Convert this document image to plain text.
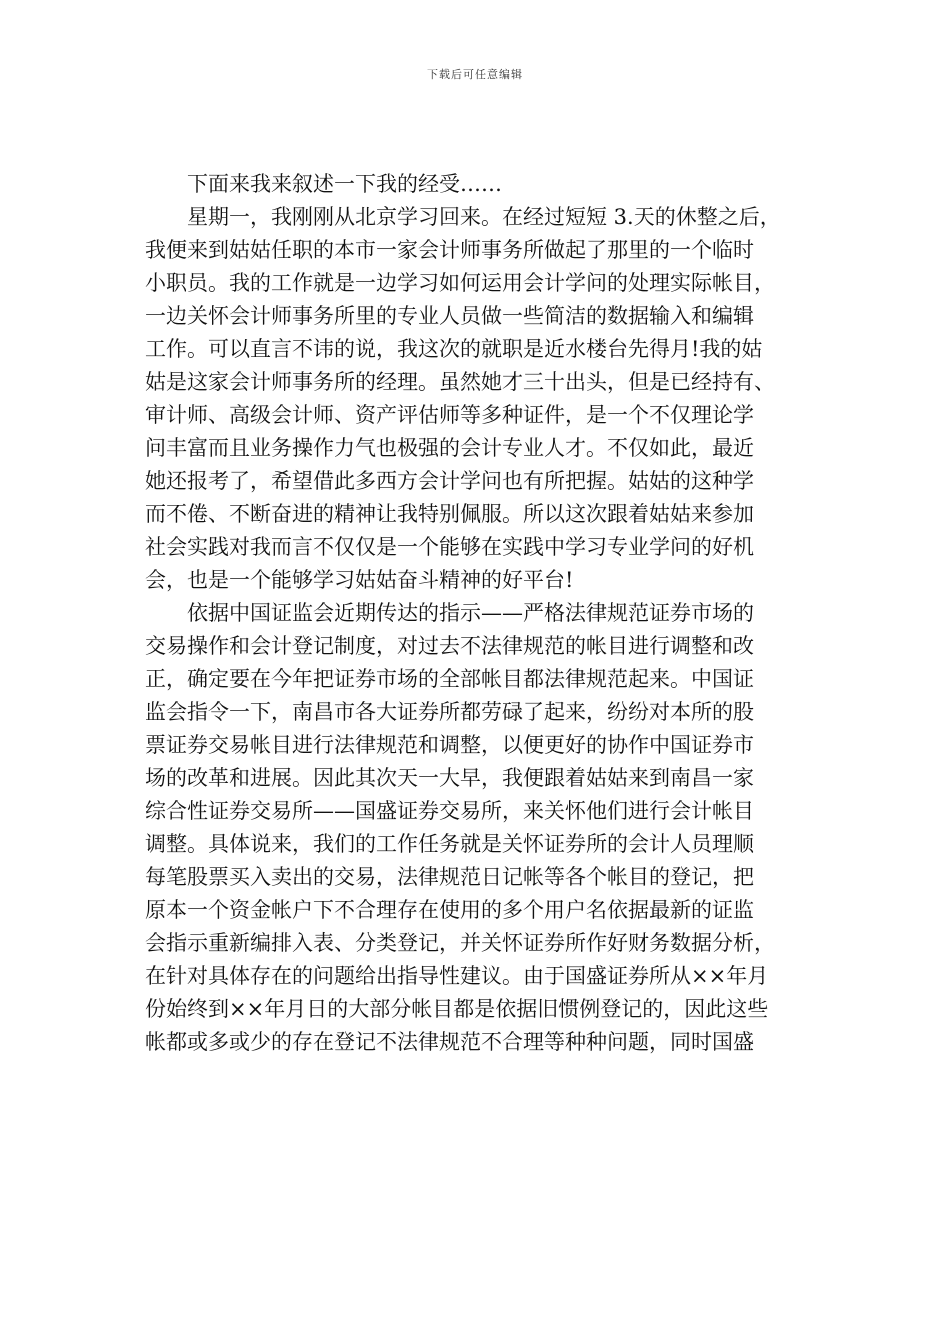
下载后可任意编辑
下面来我来叙述一下我的经受……
星期一，我刚刚从北京学习回来。在经过短短 3.天的休整之后，
我便来到姑姑任职的本市一家会计师事务所做起了那里的一个临时
小职员。我的工作就是一边学习如何运用会计学问的处理实际帐目，
一边关怀会计师事务所里的专业人员做一些简洁的数据输入和编辑
工作。可以直言不讳的说，我这次的就职是近水楼台先得月!我的姑
姑是这家会计师事务所的经理。虽然她才三十出头，但是已经持有、
审计师、高级会计师、资产评估师等多种证件，是一个不仅理论学
问丰富而且业务操作力气也极强的会计专业人才。不仅如此，最近
她还报考了，希望借此多西方会计学问也有所把握。姑姑的这种学
而不倦、不断奋进的精神让我特别佩服。所以这次跟着姑姑来参加
社会实践对我而言不仅仅是一个能够在实践中学习专业学问的好机
会，也是一个能够学习姑姑奋斗精神的好平台!
依据中国证监会近期传达的指示——严格法律规范证券市场的
交易操作和会计登记制度，对过去不法律规范的帐目进行调整和改
正，确定要在今年把证券市场的全部帐目都法律规范起来。中国证
监会指令一下，南昌市各大证券所都劳碌了起来，纷纷对本所的股
票证券交易帐目进行法律规范和调整，以便更好的协作中国证券市
场的改革和进展。因此其次天一大早，我便跟着姑姑来到南昌一家
综合性证券交易所——国盛证券交易所，来关怀他们进行会计帐目
调整。具体说来，我们的工作任务就是关怀证券所的会计人员理顺
每笔股票买入卖出的交易，法律规范日记帐等各个帐目的登记，把
原本一个资金帐户下不合理存在使用的多个用户名依据最新的证监
会指示重新编排入表、分类登记，并关怀证券所作好财务数据分析，
在针对具体存在的问题给出指导性建议。由于国盛证券所从××年月
份始终到××年月日的大部分帐目都是依据旧惯例登记的，因此这些
帐都或多或少的存在登记不法律规范不合理等种种问题，同时国盛
